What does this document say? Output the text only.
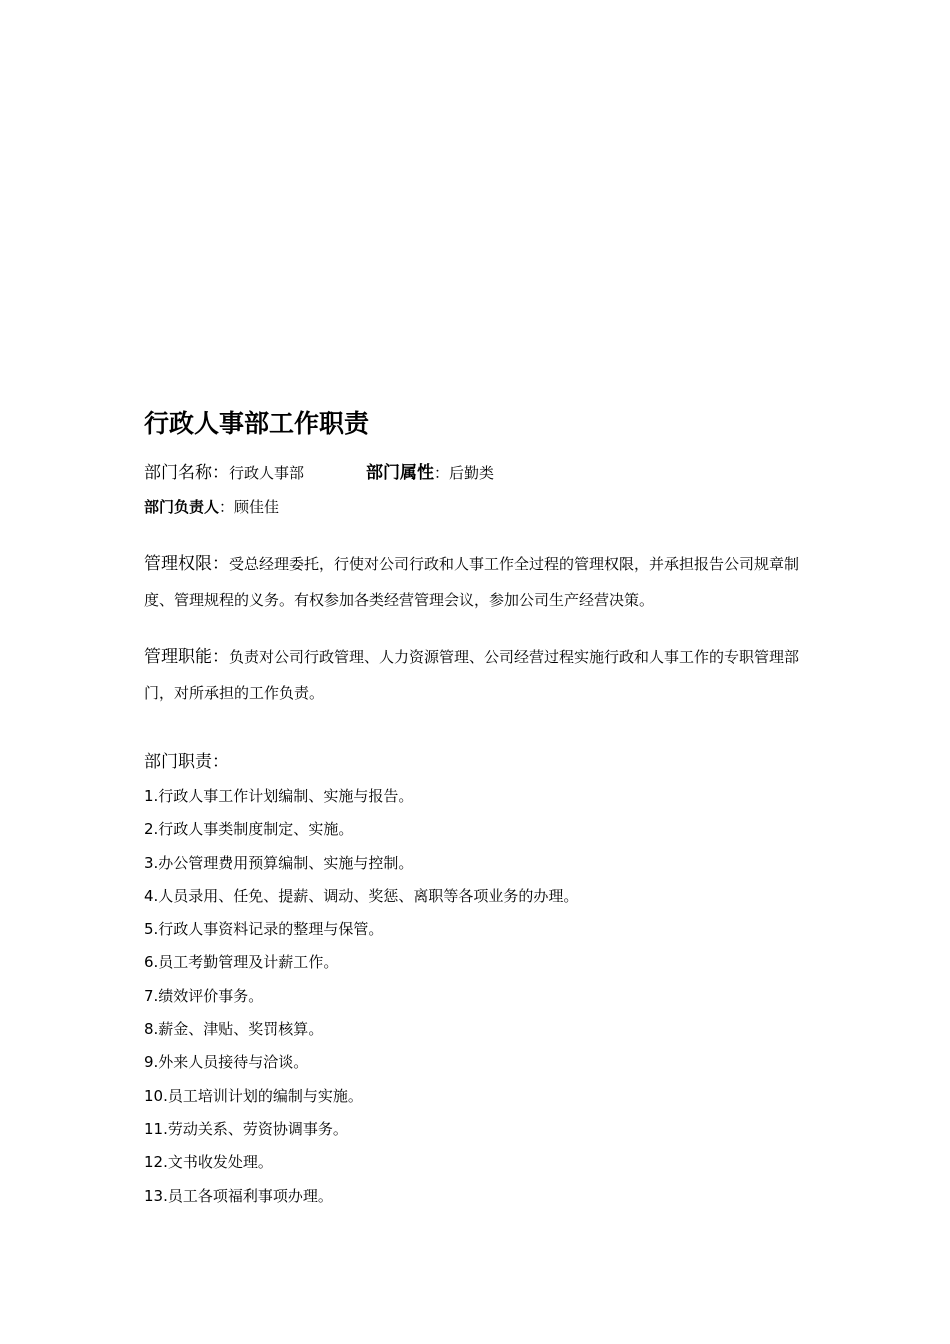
行政人事部工作职责
部门名称：行政人事部	部门属性：后勤类
部门负责人：顾佳佳
管理权限：受总经理委托，行使对公司行政和人事工作全过程的管理权限，并承担报告公司规章制度、管理规程的义务。有权参加各类经营管理会议，参加公司生产经营决策。
管理职能：负责对公司行政管理、人力资源管理、公司经营过程实施行政和人事工作的专职管理部门，对所承担的工作负责。
部门职责：
1.行政人事工作计划编制、实施与报告。
2.行政人事类制度制定、实施。
3.办公管理费用预算编制、实施与控制。
4.人员录用、任免、提薪、调动、奖惩、离职等各项业务的办理。
5.行政人事资料记录的整理与保管。
6.员工考勤管理及计薪工作。
7.绩效评价事务。
8.薪金、津贴、奖罚核算。
9.外来人员接待与洽谈。
10.员工培训计划的编制与实施。
11.劳动关系、劳资协调事务。
12.文书收发处理。
13.员工各项福利事项办理。
